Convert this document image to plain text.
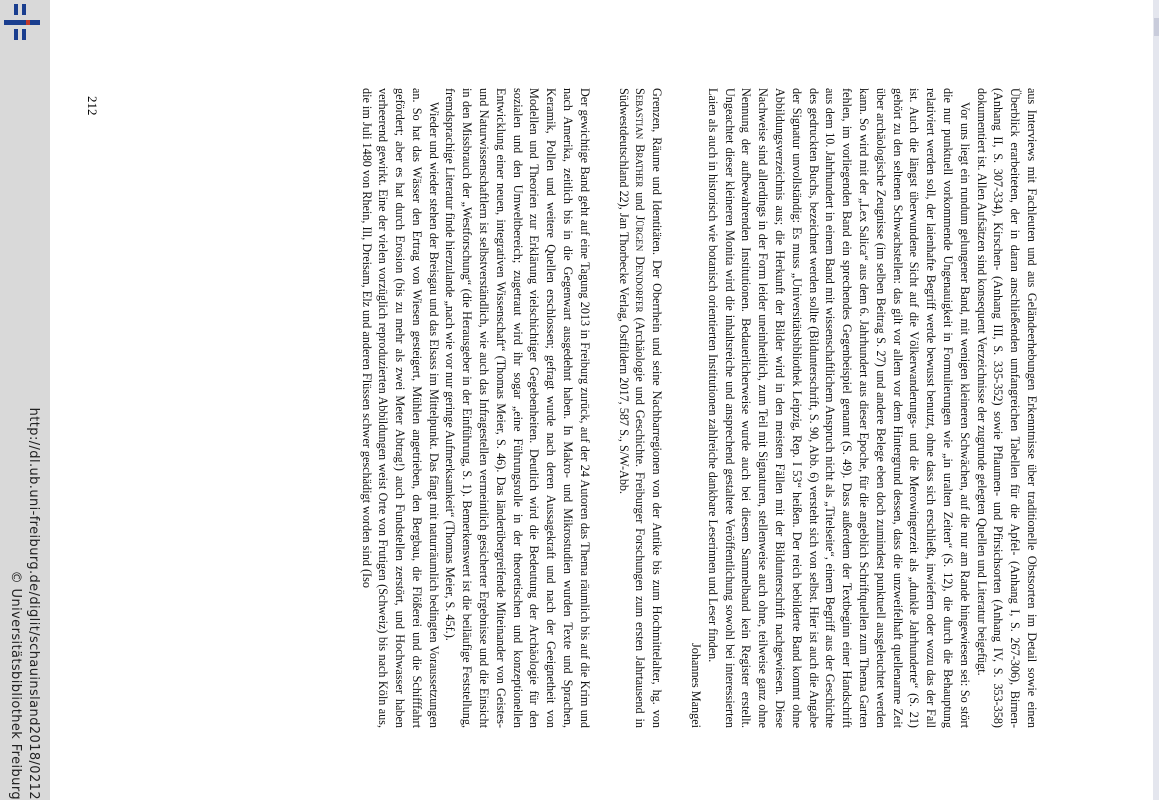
http://dl.ub.uni-freiburg.de/diglit/schauinsland2018/0212
© Universitätsbibliothek Freiburg	aus Interviews mit Fachleuten und aus Geländeerhebungen Erkenntnisse über traditionelle Obstsorten im Detail sowie einen Überblick erarbeiteten, der in daran anschließenden umfangreichen Tabellen für die Apfel- (Anhang I, S. 267-306), Birnen- (Anhang II, S. 307-334), Kirschen- (Anhang III, S. 335-352) sowie Pflaumen- und Pfirsichsorten (Anhang IV, S. 353-358) dokumentiert ist. Allen Aufsätzen sind konsequent Verzeichnisse der zugrunde gelegten Quellen und Literatur beigefügt.

Vor uns liegt ein rundum gelungener Band, mit wenigen kleineren Schwächen, auf die nur am Rande hingewiesen sei: So stört die nur punktuell vorkommende Ungenauigkeit in Formulierungen wie „in uralten Zeiten“ (S. 12), die durch die Behauptung relativiert werden soll, der laienhafte Begriff werde bewusst benutzt, ohne dass sich erschließt, inwiefern oder wozu das der Fall ist. Auch die längst überwundene Sicht auf die Völkerwanderungs- und die Merowingerzeit als „dunkle Jahrhunderte“ (S. 21) gehört zu den seltenen Schwachstellen: das gilt vor allem vor dem Hintergrund dessen, dass die unzweifelhaft quellenarme Zeit über archäologische Zeugnisse (im selben Beitrag S. 27) und andere Belege eben doch zumindest punktuell ausgeleuchtet werden kann. So wird mit der „Lex Salica“ aus dem 6. Jahrhundert aus dieser Epoche, für die angeblich Schriftquellen zum Thema Garten fehlen, im vorliegenden Band ein sprechendes Gegenbeispiel genannt (S. 49). Dass außerdem der Textbeginn einer Handschrift aus dem 10. Jahrhundert in einem Band mit wissenschaftlichem Anspruch nicht als „Titelseite“, einem Begriff aus der Geschichte des gedruckten Buchs, bezeichnet werden sollte (Bildunterschrift, S. 90, Abb. 6) versteht sich von selbst. Hier ist auch die Angabe der Signatur unvollständig: Es muss „Universitätsbibliothek Leipzig, Rep. I 53“ heißen. Der reich bebilderte Band kommt ohne Abbildungsverzeichnis aus; die Herkunft der Bilder wird in den meisten Fällen mit der Bildunterschrift nachgewiesen. Diese Nachweise sind allerdings in der Form leider uneinheitlich, zum Teil mit Signaturen, stellenweise auch ohne, teilweise ganz ohne Nennung der aufbewahrenden Institutionen. Bedauerlicherweise wurde auch bei diesem Sammelband kein Register erstellt. Ungeachtet dieser kleineren Monita wird die inhaltsreiche und ansprechend gestaltete Veröffentlichung sowohl bei interessierten Laien als auch in historisch wie botanisch orientierten Institutionen zahlreiche dankbare Leserinnen und Leser finden.

Johannes Mangei

Grenzen, Räume und Identitäten. Der Oberrhein und seine Nachbarregionen von der Antike bis zum Hochmittelalter, hg. von Sebastian Brather und Jürgen Dendorfer (Archäologie und Geschichte. Freiburger Forschungen zum ersten Jahrtausend in Südwestdeutschland 22), Jan Thorbecke Verlag, Ostfildern 2017, 587 S., S/W-Abb.

Der gewichtige Band geht auf eine Tagung 2013 in Freiburg zurück, auf der 24 Autoren das Thema räumlich bis auf die Krim und nach Amerika, zeitlich bis in die Gegenwart ausgedehnt haben. In Makro- und Mikrostudien wurden Texte und Sprachen, Keramik, Pollen und weitere Quellen erschlossen; gefragt wurde nach deren Aussagekraft und nach der Geeignetheit von Modellen und Theorien zur Erklärung vielschichtiger Gegebenheiten. Deutlich wird die Bedeutung der Archäologie für den sozialen und den Umweltbereich; zugetraut wird ihr sogar „eine Führungsrolle in der theoretischen und konzeptionellen Entwicklung einer neuen, integrativen Wissenschaft“ (Thomas Meier, S. 46). Das länderübergreifende Miteinander von Geistes- und Naturwissenschaftlern ist selbstverständlich, wie auch das Infragestellen vermeintlich gesicherter Ergebnisse und die Einsicht in den Missbrauch der „Westforschung“ (die Herausgeber in der Einführung, S. 1). Bemerkenswert ist die beiläufige Feststellung, fremdsprachige Literatur finde hierzulande „nach wie vor nur geringe Aufmerksamkeit“ (Thomas Meier, S. 45f.).

Wieder und wieder stehen der Breisgau und das Elsass im Mittelpunkt. Das fängt mit naturräumlich bedingten Voraussetzungen an. So hat das Wässer den Ertrag von Wiesen gesteigert, Mühlen angetrieben, den Bergbau, die Flößerei und die Schifffahrt gefördert; aber es hat durch Erosion (bis zu mehr als zwei Meter Abtrag!) auch Fundstellen zerstört, und Hochwasser haben verheerend gewirkt. Eine der vielen vorzüglich reproduzierten Abbildungen weist Orte von Frutigen (Schweiz) bis nach Köln aus, die im Juli 1480 von Rhein, Ill, Dreisam, Elz und anderen Flüssen schwer geschädigt worden sind (Iso

212
